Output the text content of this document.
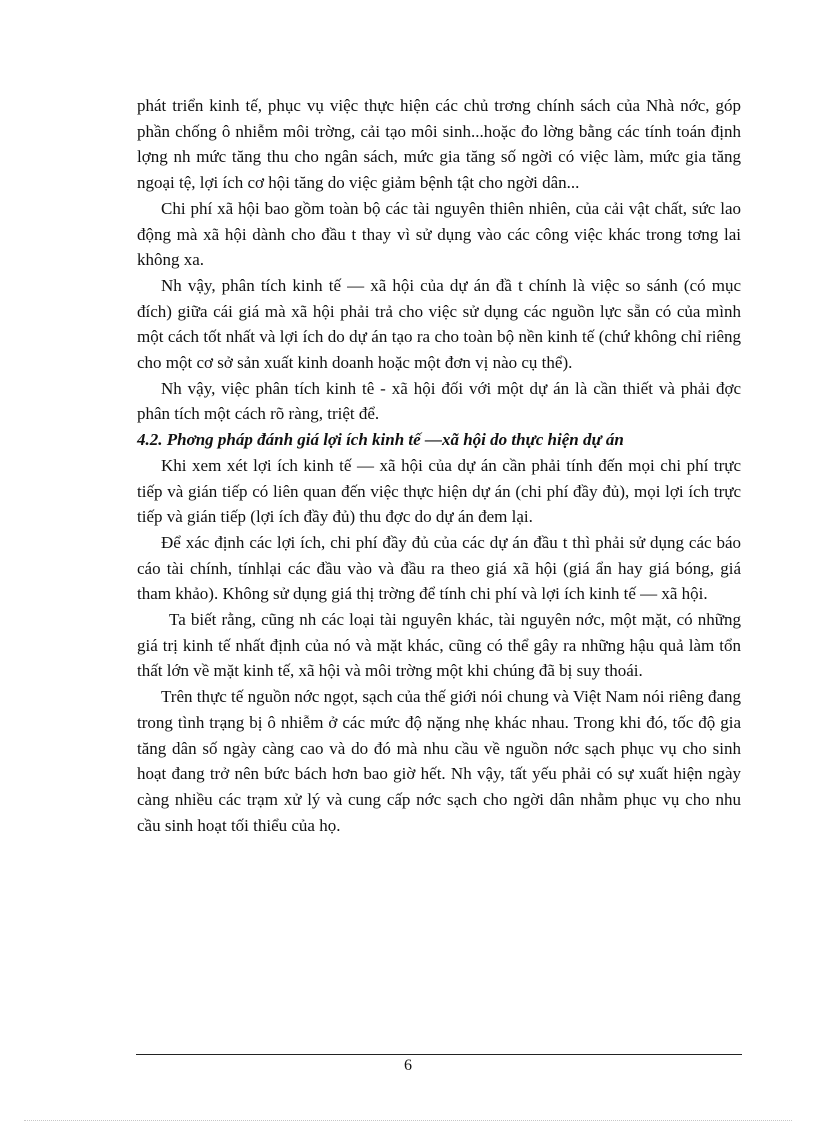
phát triển kinh tế, phục vụ việc thực hiện các chủ trơng chính sách của Nhà nớc, góp phần chống ô nhiễm môi trờng, cải tạo môi sinh...hoặc đo lờng bằng các tính toán định lợng nh mức tăng thu cho ngân sách, mức gia tăng số ngời có việc làm, mức gia tăng ngoại tệ, lợi ích cơ hội tăng do việc giảm bệnh tật cho ngời dân...

Chi phí xã hội bao gồm toàn bộ các tài nguyên thiên nhiên, của cải vật chất, sức lao động mà xã hội dành cho đầu t thay vì sử dụng vào các công việc khác trong tơng lai không xa.

Nh vậy, phân tích kinh tế — xã hội của dự án đầ t chính là việc so sánh (có mục đích) giữa cái giá mà xã hội phải trả cho việc sử dụng các nguồn lực sẵn có của mình một cách tốt nhất và lợi ích do dự án tạo ra cho toàn bộ nền kinh tế (chứ không chỉ riêng cho một cơ sở sản xuất kinh doanh hoặc một đơn vị nào cụ thể).

Nh vậy, việc phân tích kinh tê - xã hội đối với một dự án là cần thiết và phải đợc phân tích một cách rõ ràng, triệt để.

4.2. Phơng pháp đánh giá lợi ích kinh tế —xã hội do thực hiện dự án

Khi xem xét lợi ích kinh tế — xã hội của dự án cần phải tính đến mọi chi phí trực tiếp và gián tiếp có liên quan đến việc thực hiện dự án (chi phí đầy đủ), mọi lợi ích trực tiếp và gián tiếp (lợi ích đầy đủ) thu đợc do dự án đem lại.

Để xác định các lợi ích, chi phí đầy đủ của các dự án đầu t thì phải sử dụng các báo cáo tài chính, tínhlại các đầu vào và đầu ra theo giá xã hội (giá ẩn hay giá bóng, giá tham khảo). Không sử dụng giá thị trờng để tính chi phí và lợi ích kinh tế — xã hội.

Ta biết rằng, cũng nh các loại tài nguyên khác, tài nguyên nớc, một mặt, có những giá trị kinh tế nhất định của nó và mặt khác, cũng có thể gây ra những hậu quả làm tổn thất lớn về mặt kinh tế, xã hội và môi trờng một khi chúng đã bị suy thoái.

Trên thực tế nguồn nớc ngọt, sạch của thế giới nói chung và Việt Nam nói riêng đang trong tình trạng bị ô nhiễm ở các mức độ nặng nhẹ khác nhau. Trong khi đó, tốc độ gia tăng dân số ngày càng cao và do đó mà nhu cầu về nguồn nớc sạch phục vụ cho sinh hoạt đang trở nên bức bách hơn bao giờ hết. Nh vậy, tất yếu phải có sự xuất hiện ngày càng nhiều các trạm xử lý và cung cấp nớc sạch cho ngời dân nhằm phục vụ cho nhu cầu sinh hoạt tối thiểu của họ.

6
